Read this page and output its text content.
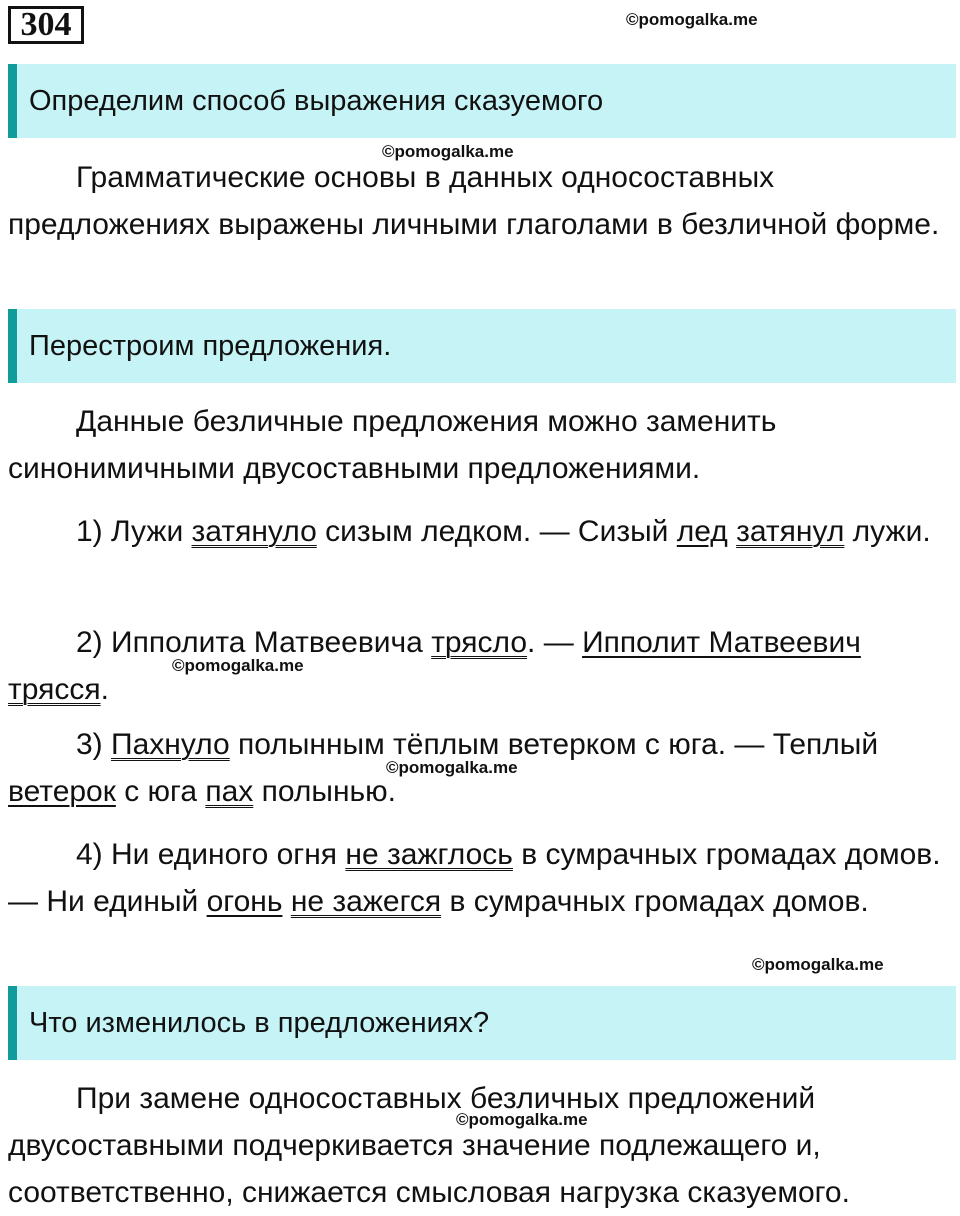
304	©pomogalka.me
Определим способ выражения сказуемого
©pomogalka.me

Грамматические основы в данных односоставных предложениях выражены личными глаголами в безличной форме.

Перестроим предложения.

Данные безличные предложения можно заменить синонимичными двусоставными предложениями.

1) Лужи затянуло сизым ледком. — Сизый лед затянул лужи.

2) Ипполита Матвеевича трясло. — Ипполит Матвеевич трясся.

©pomogalka.me

3) Пахнуло полынным тёплым ветерком с юга. — Теплый ветерок с юга пах полынью.

©pomogalka.me

4) Ни единого огня не зажглось в сумрачных громадах домов. — Ни единый огонь не зажегся в сумрачных громадах домов.

©pomogalka.me
Что изменилось в предложениях?

При замене односоставных безличных предложений двусоставными подчеркивается значение подлежащего и, соответственно, снижается смысловая нагрузка сказуемого.

©pomogalka.me
